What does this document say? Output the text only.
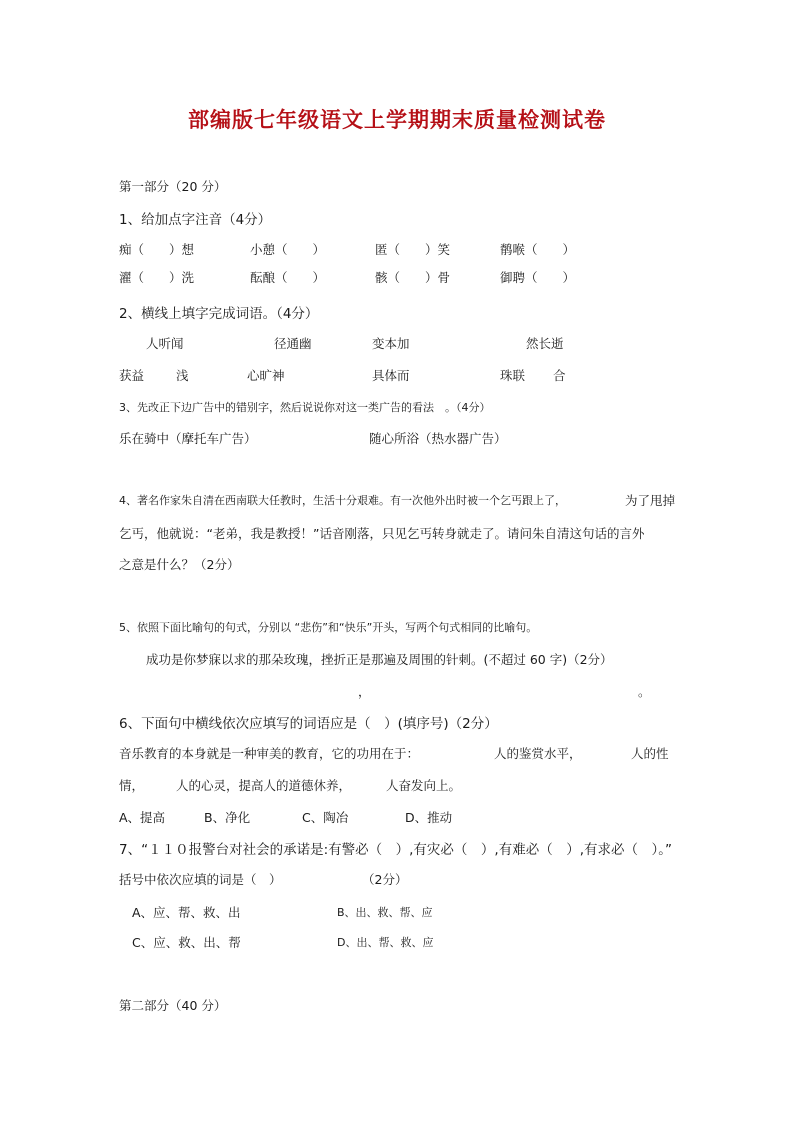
部编版七年级语文上学期期末质量检测试卷
第一部分（20 分）
1、给加点字注音（4分）
痴（　　）想	小憩（　　）	匿（　　）笑	鹡喉（　　）
濯（　　）洗	酝酿（　　）	骸（　　）骨	御聘（　　）
2、横线上填字完成词语。（4分）
人听闻	径通幽	变本加	然长逝
获益	浅	心旷神	具体而	珠联 合
3、先改正下边广告中的错别字，然后说说你对这一类广告的看法　。（4分）
乐在骑中（摩托车广告）	随心所浴（热水器广告）
4、著名作家朱自清在西南联大任教时，生活十分艰难。有一次他外出时被一个乞丐跟上了，	为了甩掉
乞丐，他就说：“老弟，我是教授！”话音刚落，只见乞丐转身就走了。请问朱自清这句话的言外
之意是什么？（2分）
5、依照下面比喻句的句式，分别以 “悲伤”和“快乐”开头，写两个句式相同的比喻句。
成功是你梦寐以求的那朵玫瑰，挫折正是那遍及周围的针刺。(不超过 60 字)（2分）
，	。
6、下面句中横线依次应填写的词语应是（　）(填序号)（2分）
音乐教育的本身就是一种审美的教育，它的功用在于：	人的鉴赏水平，	人的性
情，	人的心灵，提高人的道德休养，	人奋发向上。
A、提高	B、净化	C、陶冶	D、推动
7、“１１０报警台对社会的承诺是:有警必（　）,有灾必（　）,有难必（　）,有求必（　）。”
括号中依次应填的词是（　）	（2分）
A、应、帮、救、出	B、出、救、帮、应
C、应、救、出、帮	D、出、帮、救、应
第二部分（40 分）
